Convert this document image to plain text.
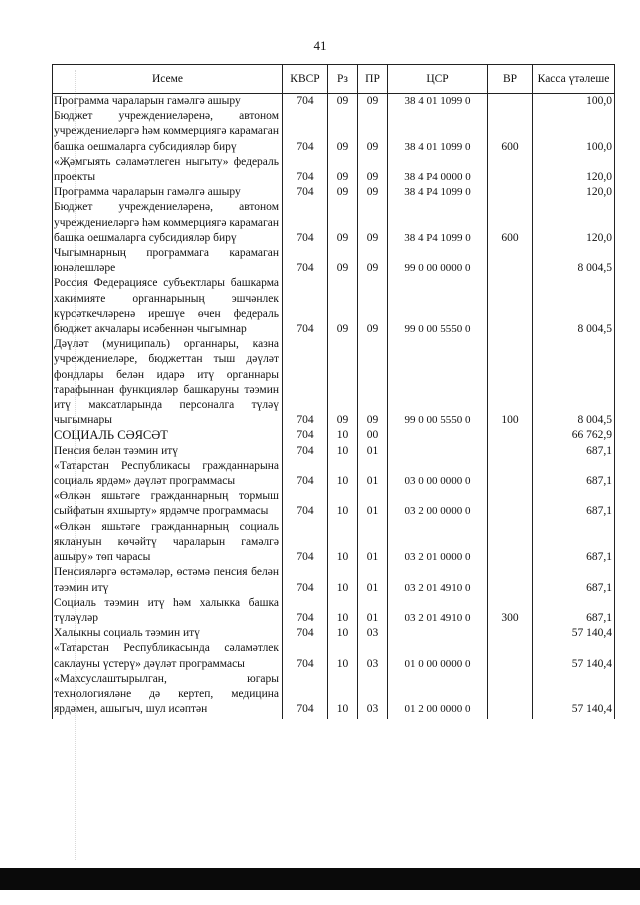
41
Исеме	КВСР	Рз	ПР	ЦСР	ВР	Касса үтәлеше
Программа чараларын гамәлгә ашыру	704	09	09	38 4 01 1099 0		100,0
Бюджет учреждениеләренә, автоном учреждениеләргә һәм коммерциягә карамаган башка оешмаларга субсидияләр бирү	704	09	09	38 4 01 1099 0	600	100,0
«Җәмгыять сәламәтлеген ныгыту» федераль проекты	704	09	09	38 4 P4 0000 0		120,0
Программа чараларын гамәлгә ашыру	704	09	09	38 4 P4 1099 0		120,0
Бюджет учреждениеләренә, автоном учреждениеләргә һәм коммерциягә карамаган башка оешмаларга субсидияләр бирү	704	09	09	38 4 P4 1099 0	600	120,0
Чыгымнарның программага карамаган юнәлешләре	704	09	09	99 0 00 0000 0		8 004,5
Россия Федерациясе субъектлары башкарма хакимияте органнарының эшчәнлек күрсәткечләренә ирешүе өчен федераль бюджет акчалары исәбеннән чыгымнар	704	09	09	99 0 00 5550 0		8 004,5
Дәүләт (муниципаль) органнары, казна учреждениеләре, бюджеттан тыш дәүләт фондлары белән идарә итү органнары тарафыннан функцияләр башкаруны тәэмин итү максатларында персоналга түләү чыгымнары	704	09	09	99 0 00 5550 0	100	8 004,5
СОЦИАЛЬ СӘЯСӘТ	704	10	00			66 762,9
Пенсия белән тәэмин итү	704	10	01			687,1
«Татарстан Республикасы гражданнарына социаль ярдәм» дәүләт программасы	704	10	01	03 0 00 0000 0		687,1
«Өлкән яшьтәге гражданнарның тормыш сыйфатын яхшырту» ярдәмче программасы	704	10	01	03 2 00 0000 0		687,1
«Өлкән яшьтәге гражданнарның социаль яклануын көчәйтү чараларын гамәлгә ашыру» төп чарасы	704	10	01	03 2 01 0000 0		687,1
Пенсияләргә өстәмәләр, өстәмә пенсия белән тәэмин итү	704	10	01	03 2 01 4910 0		687,1
Социаль тәэмин итү һәм халыкка башка түләүләр	704	10	01	03 2 01 4910 0	300	687,1
Халыкны социаль тәэмин итү	704	10	03			57 140,4
«Татарстан Республикасында сәламәтлек саклауны үстерү» дәүләт программасы	704	10	03	01 0 00 0000 0		57 140,4
«Махсуслаштырылган, югары технологияләне дә кертеп, медицина ярдәмен, ашыгыч, шул исәптән	704	10	03	01 2 00 0000 0		57 140,4
